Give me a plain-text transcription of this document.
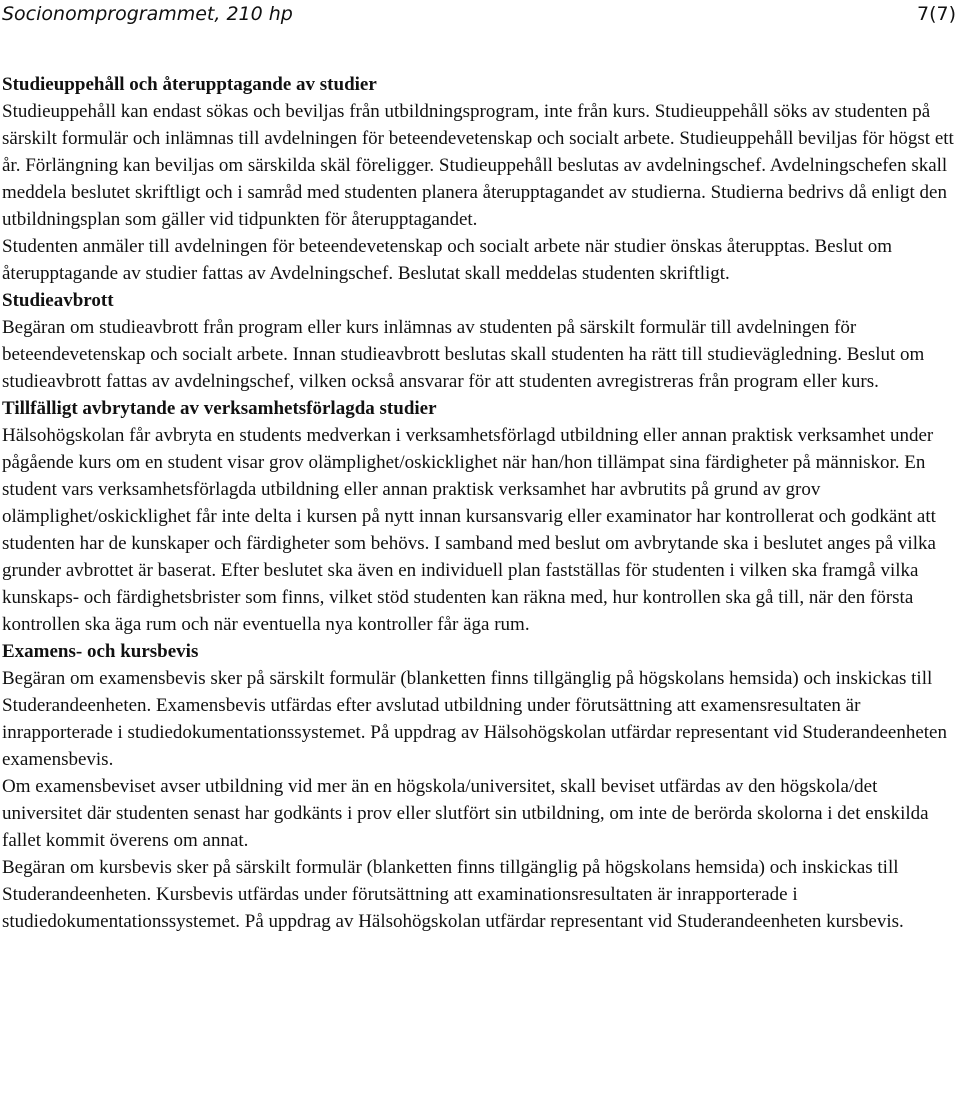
Socionomprogrammet, 210 hp	7(7)
Studieuppehåll och återupptagande av studier
Studieuppehåll kan endast sökas och beviljas från utbildningsprogram, inte från kurs. Studieuppehåll söks av studenten på särskilt formulär och inlämnas till avdelningen för beteendevetenskap och socialt arbete. Studieuppehåll beviljas för högst ett år. Förlängning kan beviljas om särskilda skäl föreligger. Studieuppehåll beslutas av avdelningschef. Avdelningschefen skall meddela beslutet skriftligt och i samråd med studenten planera återupptagandet av studierna. Studierna bedrivs då enligt den utbildningsplan som gäller vid tidpunkten för återupptagandet.
Studenten anmäler till avdelningen för beteendevetenskap och socialt arbete när studier önskas återupptas. Beslut om återupptagande av studier fattas av Avdelningschef. Beslutat skall meddelas studenten skriftligt.
Studieavbrott
Begäran om studieavbrott från program eller kurs inlämnas av studenten på särskilt formulär till avdelningen för beteendevetenskap och socialt arbete. Innan studieavbrott beslutas skall studenten ha rätt till studievägledning. Beslut om studieavbrott fattas av avdelningschef, vilken också ansvarar för att studenten avregistreras från program eller kurs.
Tillfälligt avbrytande av verksamhetsförlagda studier
Hälsohögskolan får avbryta en students medverkan i verksamhetsförlagd utbildning eller annan praktisk verksamhet under pågående kurs om en student visar grov olämplighet/oskicklighet när han/hon tillämpat sina färdigheter på människor. En student vars verksamhetsförlagda utbildning eller annan praktisk verksamhet har avbrutits på grund av grov olämplighet/oskicklighet får inte delta i kursen på nytt innan kursansvarig eller examinator har kontrollerat och godkänt att studenten har de kunskaper och färdigheter som behövs. I samband med beslut om avbrytande ska i beslutet anges på vilka grunder avbrottet är baserat. Efter beslutet ska även en individuell plan fastställas för studenten i vilken ska framgå vilka kunskaps- och färdighetsbrister som finns, vilket stöd studenten kan räkna med, hur kontrollen ska gå till, när den första kontrollen ska äga rum och när eventuella nya kontroller får äga rum.
Examens- och kursbevis
Begäran om examensbevis sker på särskilt formulär (blanketten finns tillgänglig på högskolans hemsida) och inskickas till Studerandeenheten. Examensbevis utfärdas efter avslutad utbildning under förutsättning att examensresultaten är inrapporterade i studiedokumentationssystemet. På uppdrag av Hälsohögskolan utfärdar representant vid Studerandeenheten examensbevis.
Om examensbeviset avser utbildning vid mer än en högskola/universitet, skall beviset utfärdas av den högskola/det universitet där studenten senast har godkänts i prov eller slutfört sin utbildning, om inte de berörda skolorna i det enskilda fallet kommit överens om annat.
Begäran om kursbevis sker på särskilt formulär (blanketten finns tillgänglig på högskolans hemsida) och inskickas till Studerandeenheten. Kursbevis utfärdas under förutsättning att examinationsresultaten är inrapporterade i studiedokumentationssystemet. På uppdrag av Hälsohögskolan utfärdar representant vid Studerandeenheten kursbevis.
